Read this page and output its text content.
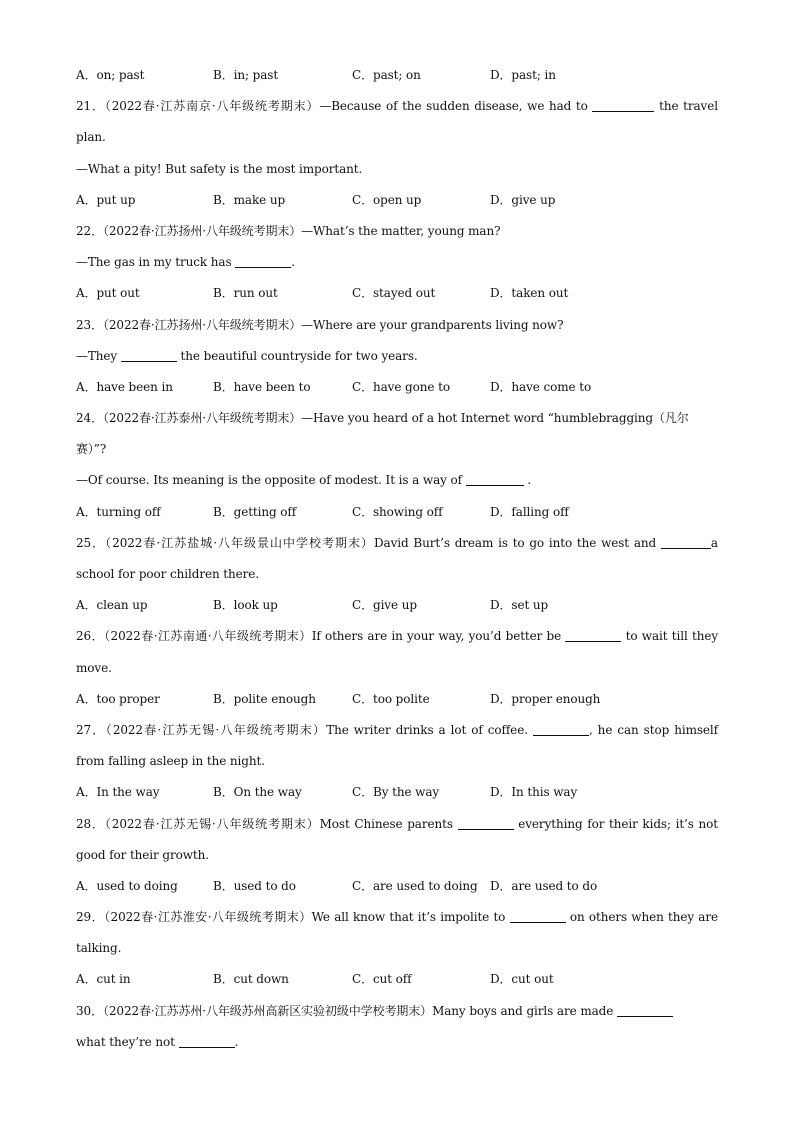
A．on; past	B．in; past	C．past; on	D．past; in
21．（2022春·江苏南京·八年级统考期末）—Because of the sudden disease, we had to	the travel
plan.
—What a pity! But safety is the most important.
A．put up	B．make up	C．open up	D．give up
22．（2022春·江苏扬州·八年级统考期末）—What’s the matter, young man?
—The gas in my truck has	.
A．put out	B．run out	C．stayed out	D．taken out
23．（2022春·江苏扬州·八年级统考期末）—Where are your grandparents living now?
—They	the beautiful countryside for two years.
A．have been in	B．have been to	C．have gone to	D．have come to
24．（2022春·江苏泰州·八年级统考期末）—Have you heard of a hot Internet word “humblebragging（凡尔
赛）”?
—Of course. Its meaning is the opposite of modest. It is a way of	.
A．turning off	B．getting off	C．showing off	D．falling off
25．（2022春·江苏盐城·八年级景山中学校考期末）David Burt’s dream is to go into the west and	a
school for poor children there.
A．clean up	B．look up	C．give up	D．set up
26．（2022春·江苏南通·八年级统考期末）If others are in your way, you’d better be	to wait till they
move.
A．too proper	B．polite enough	C．too polite	D．proper enough
27．（2022春·江苏无锡·八年级统考期末）The writer drinks a lot of coffee.	, he can stop himself
from falling asleep in the night.
A．In the way	B．On the way	C．By the way	D．In this way
28．（2022春·江苏无锡·八年级统考期末）Most Chinese parents	everything for their kids; it’s not
good for their growth.
A．used to doing	B．used to do	C．are used to doing D．are used to do
29．（2022春·江苏淮安·八年级统考期末）We all know that it’s impolite to	on others when they are
talking.
A．cut in	B．cut down	C．cut off	D．cut out
30．（2022春·江苏苏州·八年级苏州高新区实验初级中学校考期末）Many boys and girls are made
what they’re not	.
